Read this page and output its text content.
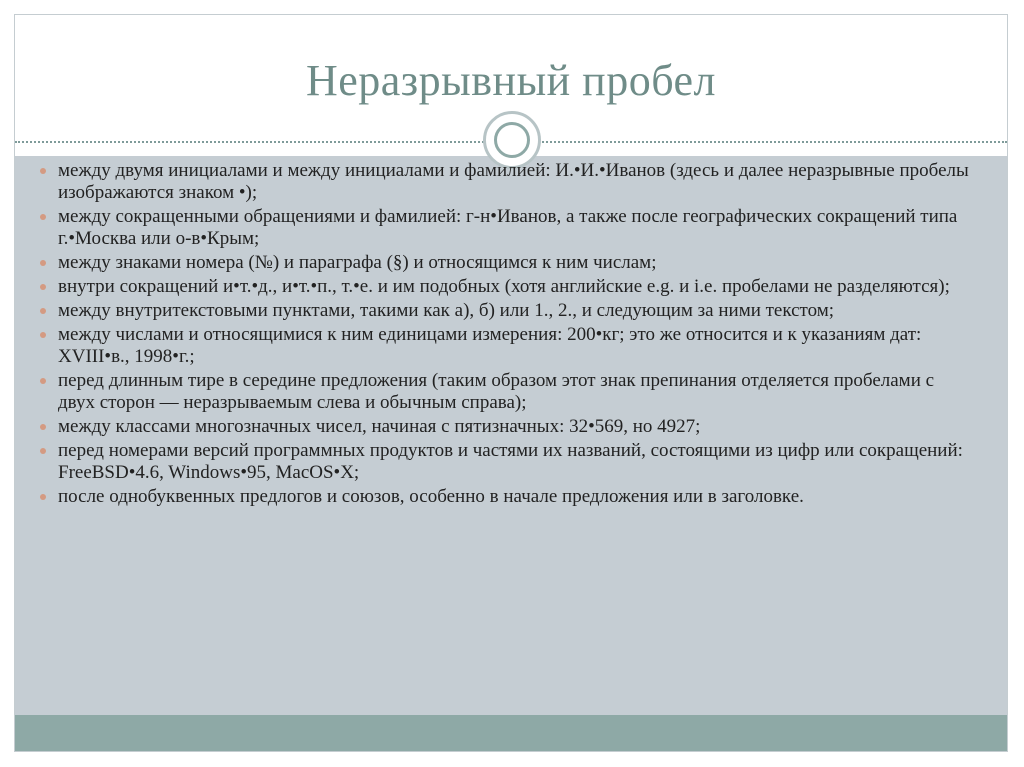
Неразрывный пробел
между двумя инициалами и между инициалами и фамилией: И.•И.•Иванов (здесь и далее неразрывные пробелы изображаются знаком •);
между сокращенными обращениями и фамилией: г-н•Иванов, а также после географических сокращений типа г.•Москва или о-в•Крым;
между знаками номера (№) и параграфа (§) и относящимся к ним числам;
внутри сокращений и•т.•д., и•т.•п., т.•е. и им подобных (хотя английские e.g. и i.e. пробелами не разделяются);
между внутритекстовыми пунктами, такими как а), б) или 1., 2., и следующим за ними текстом;
между числами и относящимися к ним единицами измерения: 200•кг; это же относится и к указаниям дат: XVIII•в., 1998•г.;
перед длинным тире в середине предложения (таким образом этот знак препинания отделяется пробелами с двух сторон — неразрываемым слева и обычным справа);
между классами многозначных чисел, начиная с пятизначных: 32•569, но 4927;
перед номерами версий программных продуктов и частями их названий, состоящими из цифр или сокращений: FreeBSD•4.6, Windows•95, MacOS•X;
после однобуквенных предлогов и союзов, особенно в начале предложения или в заголовке.
